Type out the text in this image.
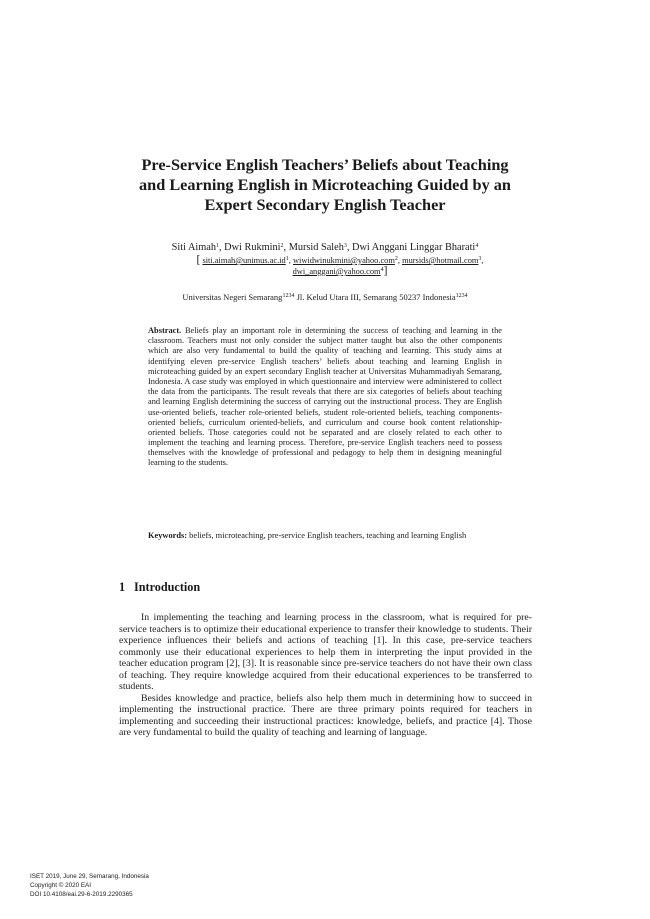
Pre-Service English Teachers’ Beliefs about Teaching
and Learning English in Microteaching Guided by an
Expert Secondary English Teacher
Siti Aimah$^1$, Dwi Rukmini$^2$, Mursid Saleh$^3$, Dwi Anggani Linggar Bharati$^4$
[ $siti.aimah@unimus.ac.id^1$, wiwidwinukmini@yahoo.com$^2$, mursids@hotmail.com$^3$, dwi_anggani@yahoo.com$^4$]
Universitas Negeri Semarang$^{1234}$ Jl. Kelud Utara III, Semarang 50237 Indonesia$^{1234}$
Abstract. Beliefs play an important role in determining the success of teaching and learning in the classroom. Teachers must not only consider the subject matter taught but also the other components which are also very fundamental to build the quality of teaching and learning. This study aims at identifying eleven pre-service English teachers’ beliefs about teaching and learning English in microteaching guided by an expert secondary English teacher at Universitas Muhammadiyah Semarang, Indonesia. A case study was employed in which questionnaire and interview were administered to collect the data from the participants. The result reveals that there are six categories of beliefs about teaching and learning English determining the success of carrying out the instructional process. They are English use-oriented beliefs, teacher role-oriented beliefs, student role-oriented beliefs, teaching components-oriented beliefs, curriculum oriented-beliefs, and curriculum and course book content relationship-oriented beliefs. Those categories could not be separated and are closely related to each other to implement the teaching and learning process. Therefore, pre-service English teachers need to possess themselves with the knowledge of professional and pedagogy to help them in designing meaningful learning to the students.
Keywords: beliefs, microteaching, pre-service English teachers, teaching and learning English
1 Introduction

In implementing the teaching and learning process in the classroom, what is required for pre-service teachers is to optimize their educational experience to transfer their knowledge to students. Their experience influences their beliefs and actions of teaching [1]. In this case, pre-service teachers commonly use their educational experiences to help them in interpreting the input provided in the teacher education program [2], [3]. It is reasonable since pre-service teachers do not have their own class of teaching. They require knowledge acquired from their educational experiences to be transferred to students.

Besides knowledge and practice, beliefs also help them much in determining how to succeed in implementing the instructional practice. There are three primary points required for teachers in implementing and succeeding their instructional practices: knowledge, beliefs, and practice [4]. Those are very fundamental to build the quality of teaching and learning of language.

ISET 2019, June 29, Semarang, Indonesia
Copyright © 2020 EAI
DOI 10.4108/eai.29-6-2019.2290365
